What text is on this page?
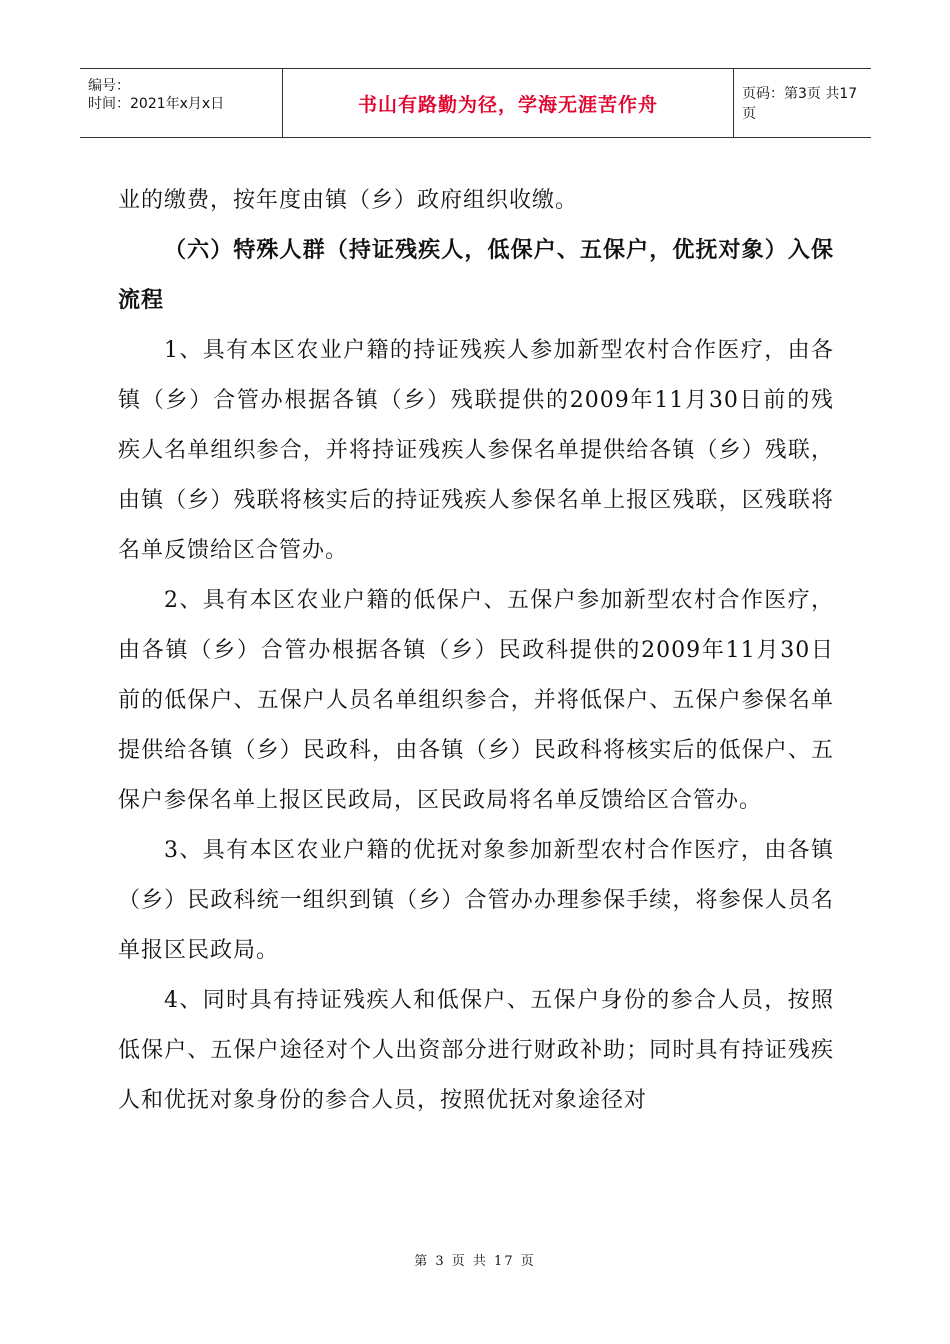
编号：
时间：2021年x月x日	书山有路勤为径，学海无涯苦作舟	页码：第3页 共17页

业的缴费，按年度由镇（乡）政府组织收缴。

（六）特殊人群（持证残疾人，低保户、五保户，优抚对象）入保流程

1、具有本区农业户籍的持证残疾人参加新型农村合作医疗，由各镇（乡）合管办根据各镇（乡）残联提供的2009年11月30日前的残疾人名单组织参合，并将持证残疾人参保名单提供给各镇（乡）残联，由镇（乡）残联将核实后的持证残疾人参保名单上报区残联，区残联将名单反馈给区合管办。

2、具有本区农业户籍的低保户、五保户参加新型农村合作医疗，由各镇（乡）合管办根据各镇（乡）民政科提供的2009年11月30日前的低保户、五保户人员名单组织参合，并将低保户、五保户参保名单提供给各镇（乡）民政科，由各镇（乡）民政科将核实后的低保户、五保户参保名单上报区民政局，区民政局将名单反馈给区合管办。

3、具有本区农业户籍的优抚对象参加新型农村合作医疗，由各镇（乡）民政科统一组织到镇（乡）合管办办理参保手续，将参保人员名单报区民政局。

4、同时具有持证残疾人和低保户、五保户身份的参合人员，按照低保户、五保户途径对个人出资部分进行财政补助；同时具有持证残疾人和优抚对象身份的参合人员，按照优抚对象途径对

第 3 页 共 17 页
